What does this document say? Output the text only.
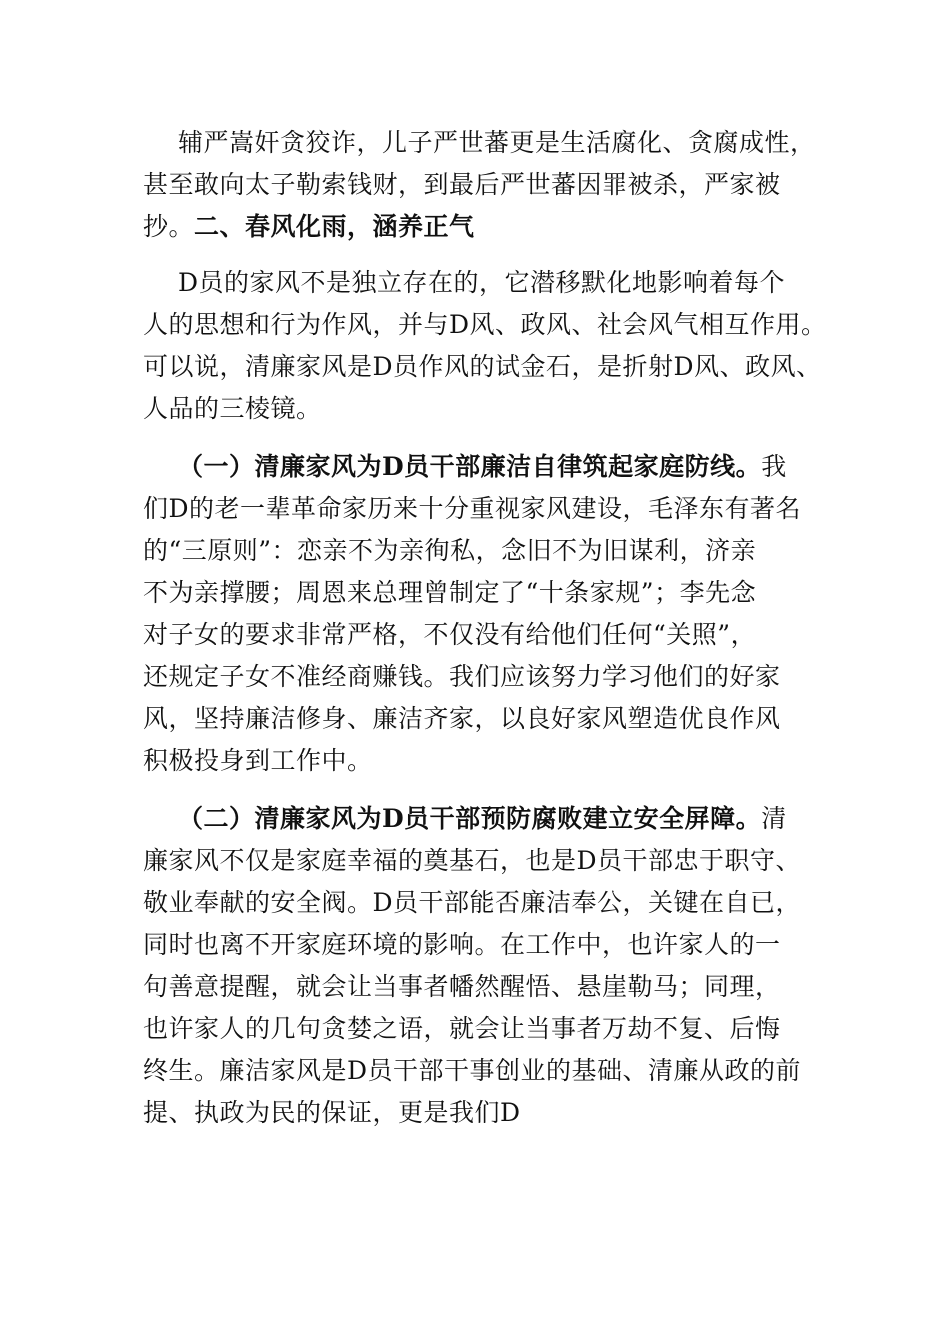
辅严嵩奸贪狡诈，儿子严世蕃更是生活腐化、贪腐成性，
甚至敢向太子勒索钱财，到最后严世蕃因罪被杀，严家被
抄。二、春风化雨，涵养正气
D员的家风不是独立存在的，它潜移默化地影响着每个
人的思想和行为作风，并与D风、政风、社会风气相互作用。
可以说，清廉家风是D员作风的试金石，是折射D风、政风、
人品的三棱镜。
（一）清廉家风为D员干部廉洁自律筑起家庭防线。我
们D的老一辈革命家历来十分重视家风建设，毛泽东有著名
的“三原则”：恋亲不为亲徇私，念旧不为旧谋利，济亲
不为亲撑腰；周恩来总理曾制定了“十条家规”；李先念
对子女的要求非常严格，不仅没有给他们任何“关照”，
还规定子女不准经商赚钱。我们应该努力学习他们的好家
风，坚持廉洁修身、廉洁齐家，以良好家风塑造优良作风
积极投身到工作中。
（二）清廉家风为D员干部预防腐败建立安全屏障。清
廉家风不仅是家庭幸福的奠基石，也是D员干部忠于职守、
敬业奉献的安全阀。D员干部能否廉洁奉公，关键在自已，
同时也离不开家庭环境的影响。在工作中，也许家人的一
句善意提醒，就会让当事者幡然醒悟、悬崖勒马；同理，
也许家人的几句贪婪之语，就会让当事者万劫不复、后悔
终生。廉洁家风是D员干部干事创业的基础、清廉从政的前
提、执政为民的保证，更是我们D
